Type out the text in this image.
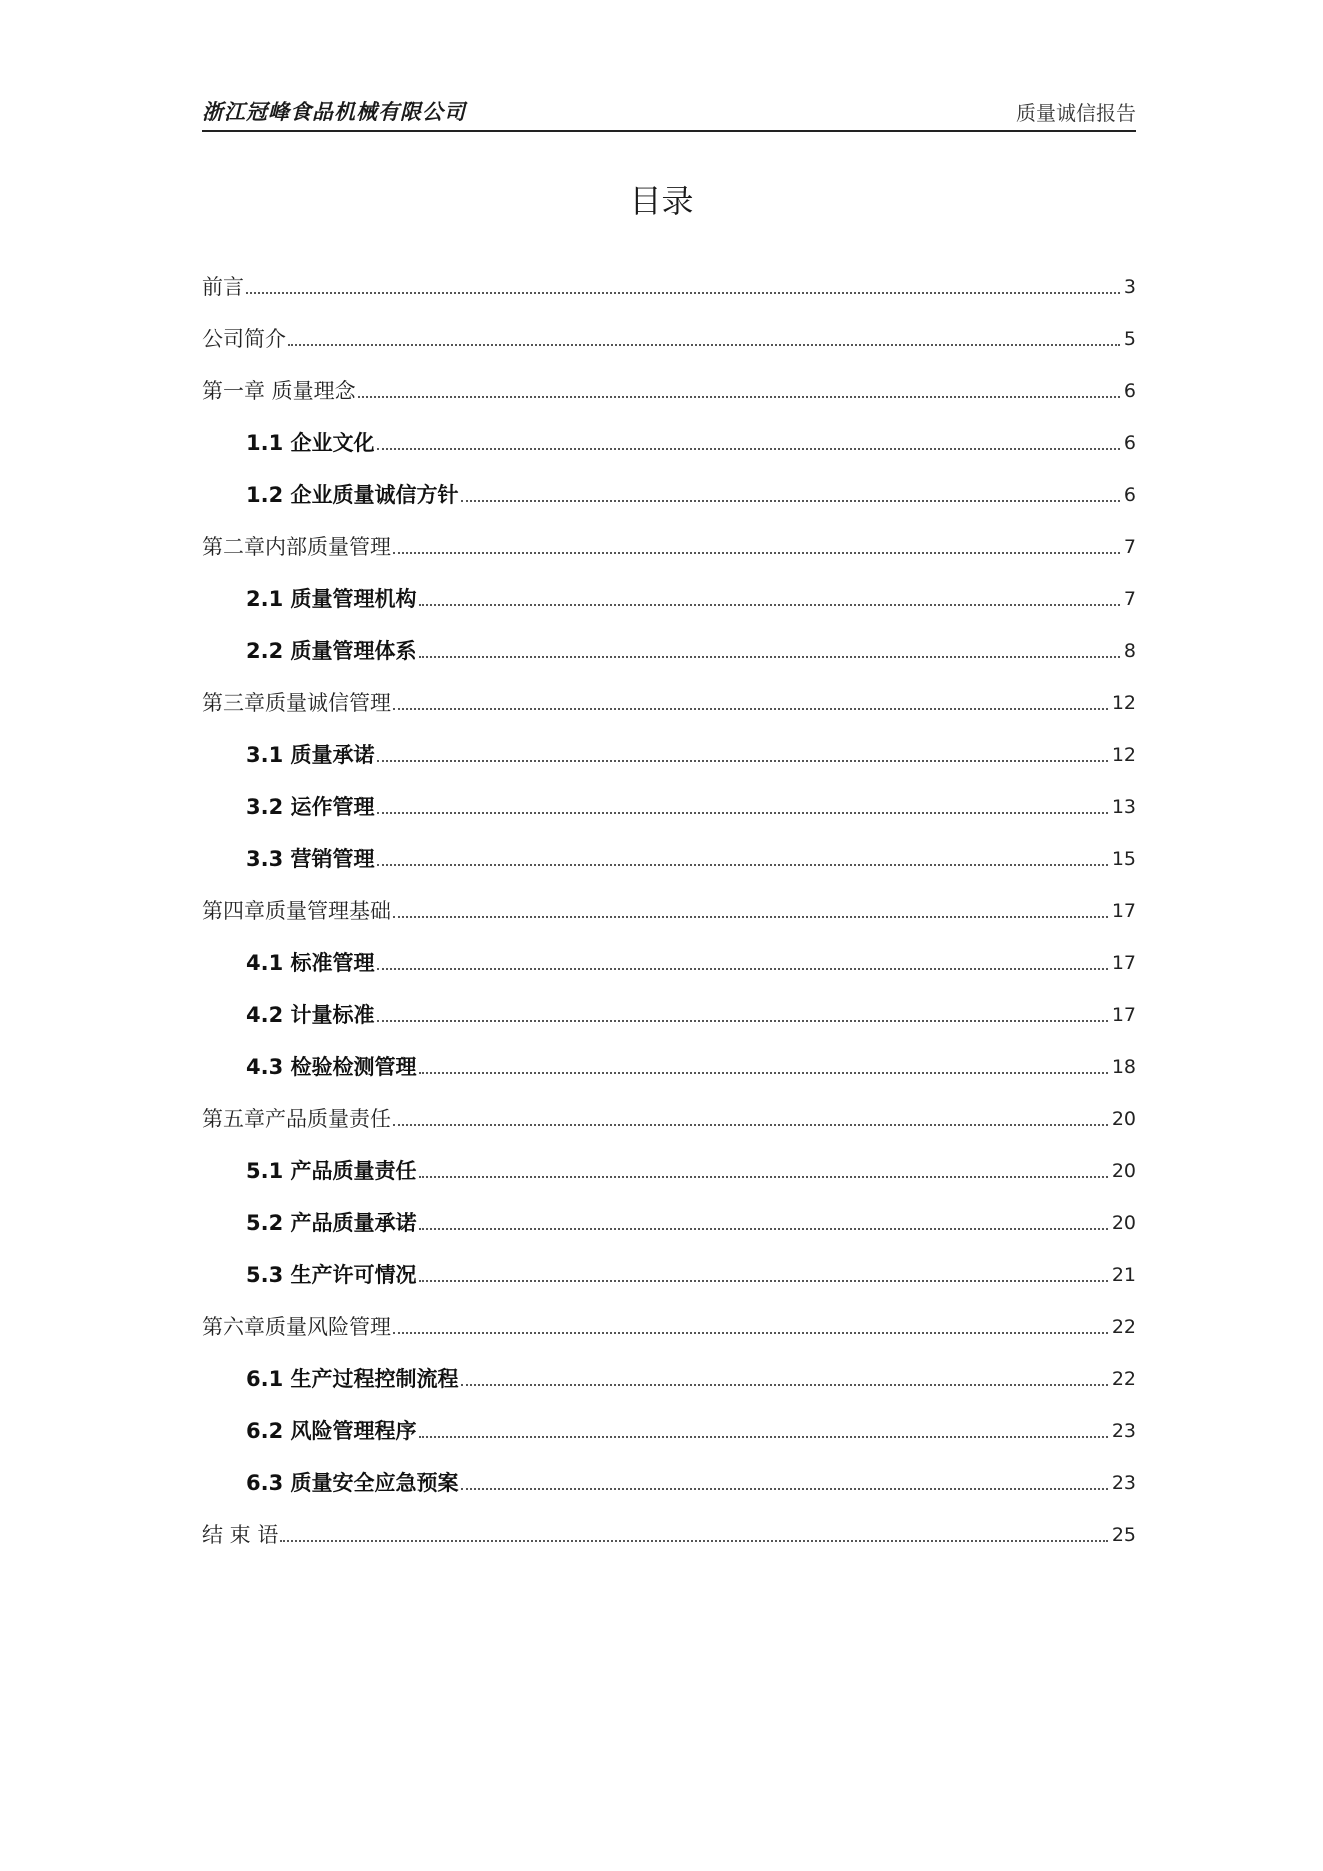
浙江冠峰食品机械有限公司	质量诚信报告
目录
前言	3
公司简介	5
第一章 质量理念	6
1.1 企业文化	6
1.2 企业质量诚信方针	6
第二章内部质量管理	7
2.1 质量管理机构	7
2.2 质量管理体系	8
第三章质量诚信管理	12
3.1 质量承诺	12
3.2 运作管理	13
3.3 营销管理	15
第四章质量管理基础	17
4.1 标准管理	17
4.2 计量标准	17
4.3 检验检测管理	18
第五章产品质量责任	20
5.1 产品质量责任	20
5.2 产品质量承诺	20
5.3 生产许可情况	21
第六章质量风险管理	22
6.1 生产过程控制流程	22
6.2 风险管理程序	23
6.3 质量安全应急预案	23
结 束 语	25
